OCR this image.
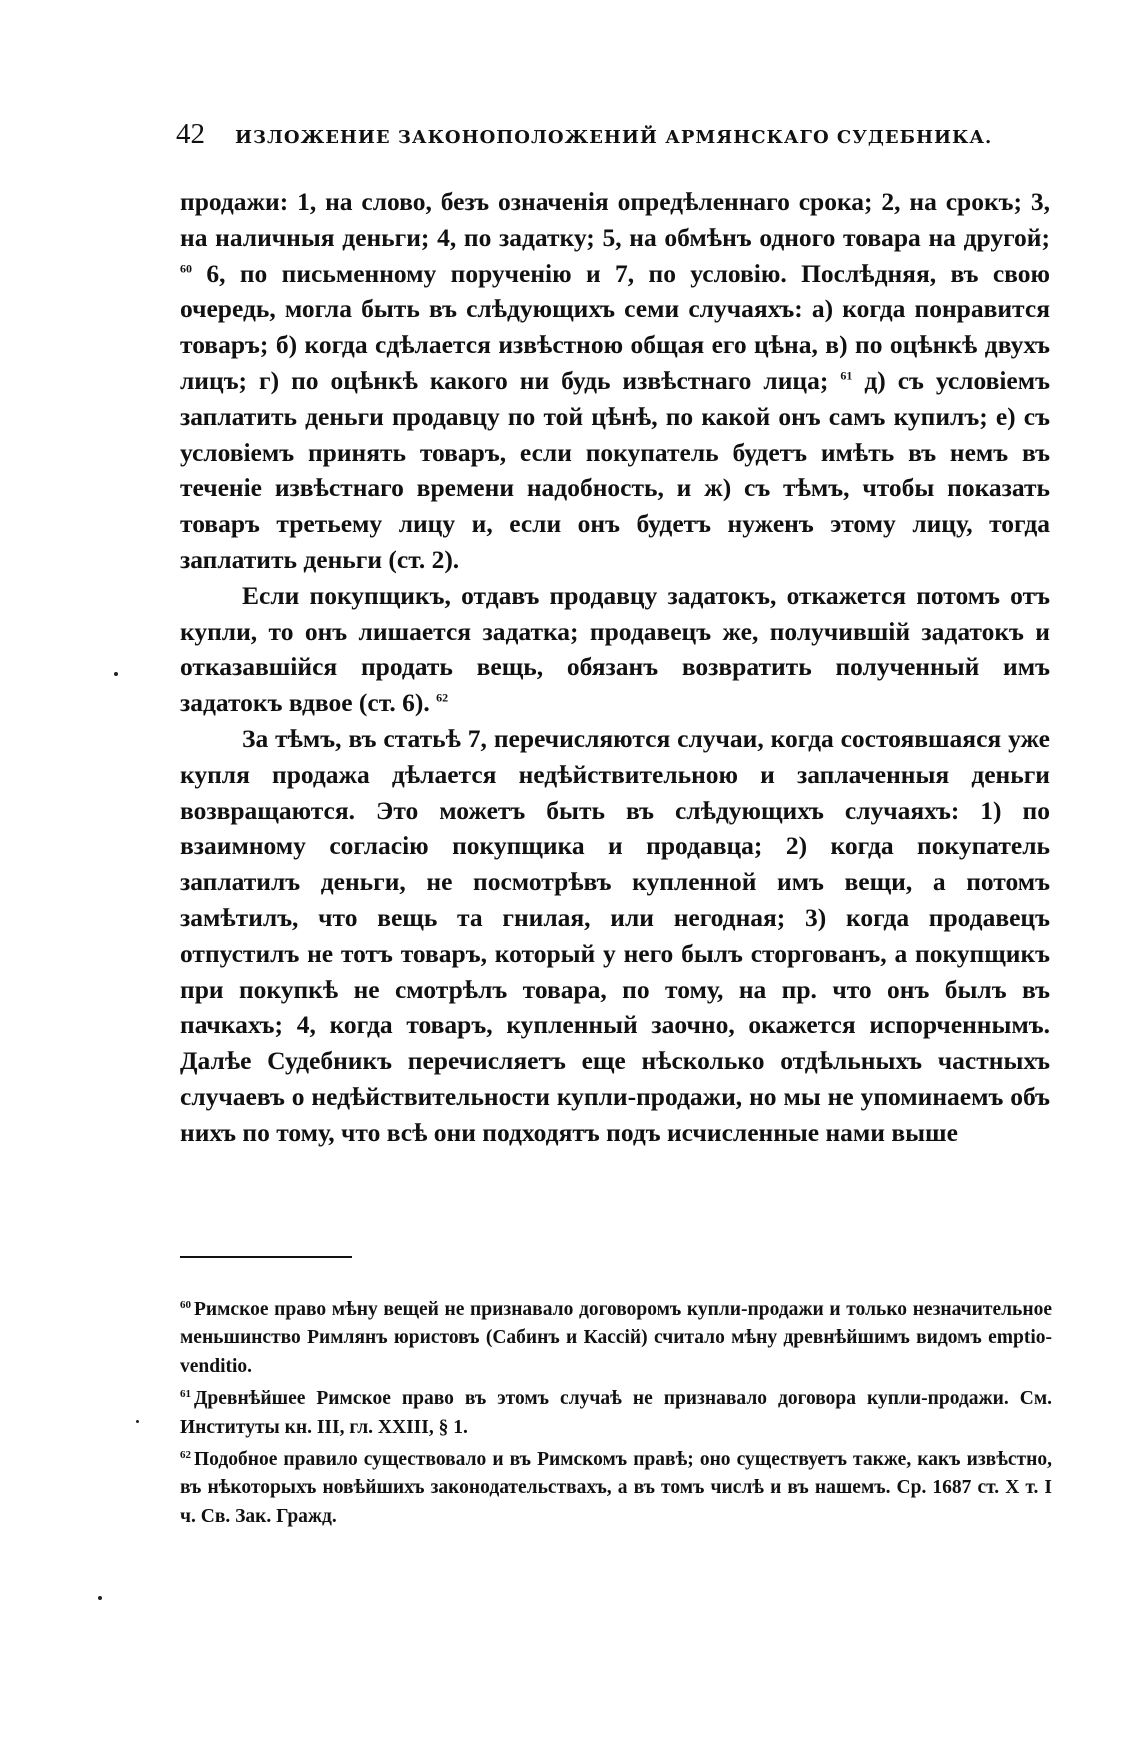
42 ИЗЛОЖЕНИЕ ЗАКОНОПОЛОЖЕНИЙ АРМЯНСКАГО СУДЕБНИКА.

продажи: 1, на слово, безъ означенія опредѣленнаго срока; 2, на срокъ; 3, на наличныя деньги; 4, по задатку; 5, на обмѣнъ одного товара на другой; $^{60}$ 6, по письменному порученію и 7, по условію. Послѣдняя, въ свою очередь, могла быть въ слѣдующихъ семи случаяхъ: а) когда понравится товаръ; б) когда сдѣлается извѣстною общая его цѣна, в) по оцѣнкѣ двухъ лицъ; г) по оцѣнкѣ какого ни будь извѣстнаго лица; $^{61}$ д) съ условіемъ заплатить деньги продавцу по той цѣнѣ, по какой онъ самъ купилъ; е) съ условіемъ принять товаръ, если покупатель будетъ имѣть въ немъ въ теченіе извѣстнаго времени надобность, и ж) съ тѣмъ, чтобы показать товаръ третьему лицу и, если онъ будетъ нуженъ этому лицу, тогда заплатить деньги (ст. 2).

Если покупщикъ, отдавъ продавцу задатокъ, откажется потомъ отъ купли, то онъ лишается задатка; продавецъ же, получившій задатокъ и отказавшійся продать вещь, обязанъ возвратить полученный имъ задатокъ вдвое (ст. 6). $^{62}$

За тѣмъ, въ статьѣ 7, перечисляются случаи, когда состоявшаяся уже купля продажа дѣлается недѣйствительною и заплаченныя деньги возвращаются. Это можетъ быть въ слѣдующихъ случаяхъ: 1) по взаимному согласію покупщика и продавца; 2) когда покупатель заплатилъ деньги, не посмотрѣвъ купленной имъ вещи, а потомъ замѣтилъ, что вещь та гнилая, или негодная; 3) когда продавецъ отпустилъ не тотъ товаръ, который у него былъ сторгованъ, а покупщикъ при покупкѣ не смотрѣлъ товара, по тому, на пр. что онъ былъ въ пачкахъ; 4, когда товаръ, купленный заочно, окажется испорченнымъ. Далѣе Судебникъ перечисляетъ еще нѣсколько отдѣльныхъ частныхъ случаевъ о недѣйствительности купли-продажи, но мы не упоминаемъ объ нихъ по тому, что всѣ они подходятъ подъ исчисленные нами выше

$^{60}$ Римское право мѣну вещей не признавало договоромъ купли-продажи и только незначительное меньшинство Римлянъ юристовъ (Сабинъ и Кассій) считало мѣну древнѣйшимъ видомъ emptio-venditio.

$^{61}$ Древнѣйшее Римское право въ этомъ случаѣ не признавало договора купли-продажи. См. Институты кн. III, гл. XXIII, § 1.

$^{62}$ Подобное правило существовало и въ Римскомъ правѣ; оно существуетъ также, какъ извѣстно, въ нѣкоторыхъ новѣйшихъ законодательствахъ, а въ томъ числѣ и въ нашемъ. Ср. 1687 ст. X т. I ч. Св. Зак. Гражд.
